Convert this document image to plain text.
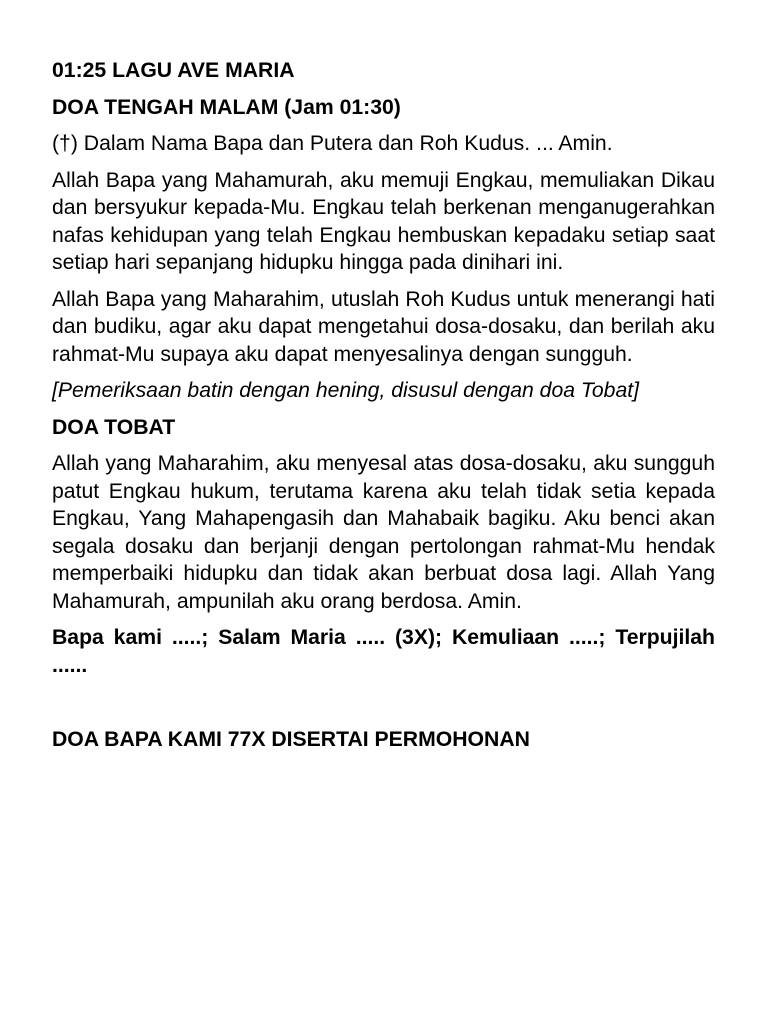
01:25 LAGU AVE MARIA
DOA TENGAH MALAM (Jam 01:30)
(†) Dalam Nama Bapa dan Putera dan Roh Kudus. ... Amin.
Allah Bapa yang Mahamurah, aku memuji Engkau, memuliakan Dikau dan bersyukur kepada-Mu. Engkau telah berkenan menganugerahkan nafas kehidupan yang telah Engkau hembuskan kepadaku setiap saat setiap hari sepanjang hidupku hingga pada dinihari ini.
Allah Bapa yang Maharahim, utuslah Roh Kudus untuk menerangi hati dan budiku, agar aku dapat mengetahui dosa-dosaku, dan berilah aku rahmat-Mu supaya aku dapat menyesalinya dengan sungguh.
[Pemeriksaan batin dengan hening, disusul dengan doa Tobat]
DOA TOBAT
Allah yang Maharahim, aku menyesal atas dosa-dosaku, aku sungguh patut Engkau hukum, terutama karena aku telah tidak setia kepada Engkau, Yang Mahapengasih dan Mahabaik bagiku. Aku benci akan segala dosaku dan berjanji dengan pertolongan rahmat-Mu hendak memperbaiki hidupku dan tidak akan berbuat dosa lagi. Allah Yang Mahamurah, ampunilah aku orang berdosa. Amin.
Bapa kami .....; Salam Maria ..... (3X); Kemuliaan .....; Terpujilah ......
DOA BAPA KAMI 77X DISERTAI PERMOHONAN
